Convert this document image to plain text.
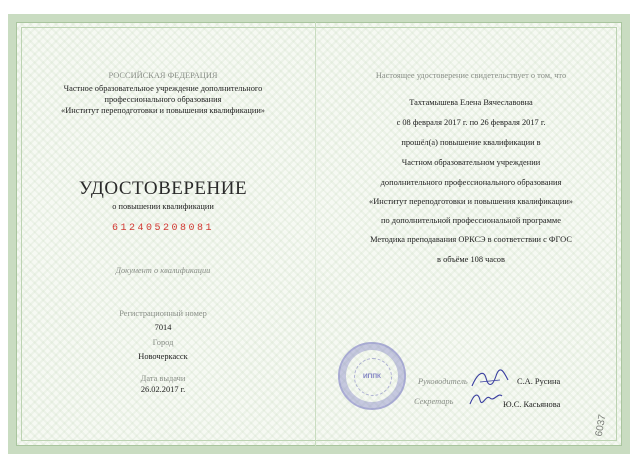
РОССИЙСКАЯ ФЕДЕРАЦИЯ
Частное образовательное учреждение дополнительного
профессионального образования
«Институт переподготовки и повышения квалификации»
УДОСТОВЕРЕНИЕ
о повышении квалификации
612405208081
Документ о квалификации
Регистрационный номер
7014
Город
Новочеркасск
Дата выдачи
26.02.2017 г.
Настоящее удостоверение свидетельствует о том, что
Тахтамышева Елена Вячеславовна
с 08 февраля 2017 г. по 26 февраля 2017 г.
прошёл(а) повышение квалификации в
Частном образовательном учреждении
дополнительного профессионального образования
«Институт переподготовки и повышения квалификации»
по дополнительной профессиональной программе
Методика преподавания ОРКСЭ в соответствии с ФГОС
в объёме 108 часов
ИППК
Руководитель	С.А. Русина
Секретарь	Ю.С. Касьянова
6037
